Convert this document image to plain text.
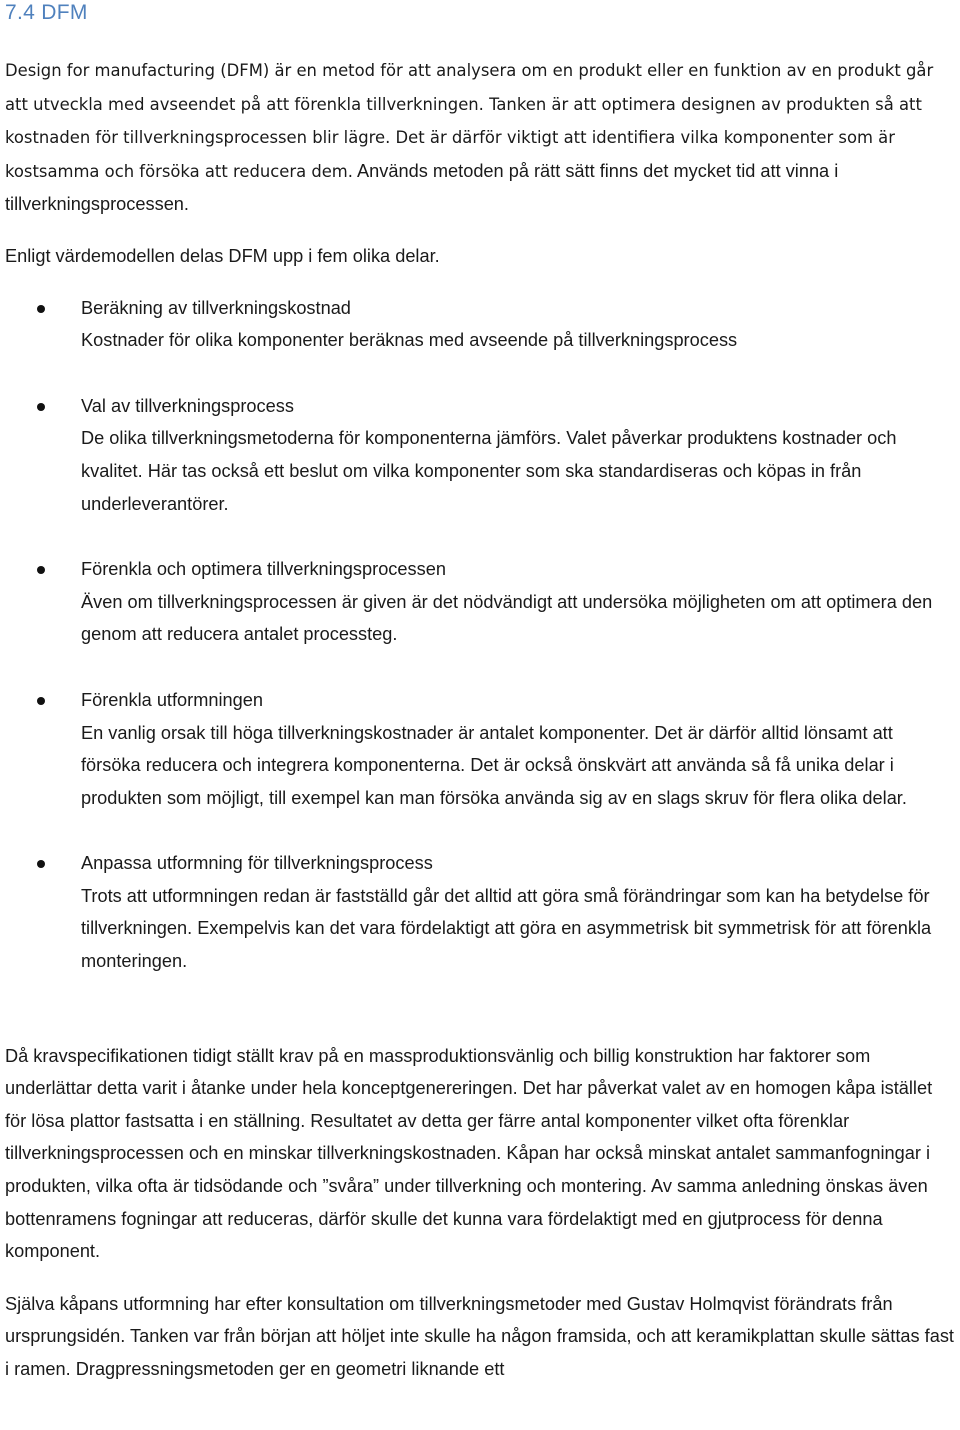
7.4 DFM

Design for manufacturing (DFM) är en metod för att analysera om en produkt eller en funktion av en produkt går att utveckla med avseendet på att förenkla tillverkningen. Tanken är att optimera designen av produkten så att kostnaden för tillverkningsprocessen blir lägre. Det är därför viktigt att identifiera vilka komponenter som är kostsamma och försöka att reducera dem. Används metoden på rätt sätt finns det mycket tid att vinna i tillverkningsprocessen.

Enligt värdemodellen delas DFM upp i fem olika delar.

Beräkning av tillverkningskostnad
Kostnader för olika komponenter beräknas med avseende på tillverkningsprocess
Val av tillverkningsprocess
De olika tillverkningsmetoderna för komponenterna jämförs. Valet påverkar produktens kostnader och kvalitet. Här tas också ett beslut om vilka komponenter som ska standardiseras och köpas in från underleverantörer.
Förenkla och optimera tillverkningsprocessen
Även om tillverkningsprocessen är given är det nödvändigt att undersöka möjligheten om att optimera den genom att reducera antalet processteg.
Förenkla utformningen
En vanlig orsak till höga tillverkningskostnader är antalet komponenter. Det är därför alltid lönsamt att försöka reducera och integrera komponenterna. Det är också önskvärt att använda så få unika delar i produkten som möjligt, till exempel kan man försöka använda sig av en slags skruv för flera olika delar.
Anpassa utformning för tillverkningsprocess
Trots att utformningen redan är fastställd går det alltid att göra små förändringar som kan ha betydelse för tillverkningen. Exempelvis kan det vara fördelaktigt att göra en asymmetrisk bit symmetrisk för att förenkla monteringen.

Då kravspecifikationen tidigt ställt krav på en massproduktionsvänlig och billig konstruktion har faktorer som underlättar detta varit i åtanke under hela konceptgenereringen. Det har påverkat valet av en homogen kåpa istället för lösa plattor fastsatta i en ställning. Resultatet av detta ger färre antal komponenter vilket ofta förenklar tillverkningsprocessen och en minskar tillverkningskostnaden. Kåpan har också minskat antalet sammanfogningar i produkten, vilka ofta är tidsödande och ”svåra” under tillverkning och montering. Av samma anledning önskas även bottenramens fogningar att reduceras, därför skulle det kunna vara fördelaktigt med en gjutprocess för denna komponent.

Själva kåpans utformning har efter konsultation om tillverkningsmetoder med Gustav Holmqvist förändrats från ursprungsidén. Tanken var från början att höljet inte skulle ha någon framsida, och att keramikplattan skulle sättas fast i ramen. Dragpressningsmetoden ger en geometri liknande ett
